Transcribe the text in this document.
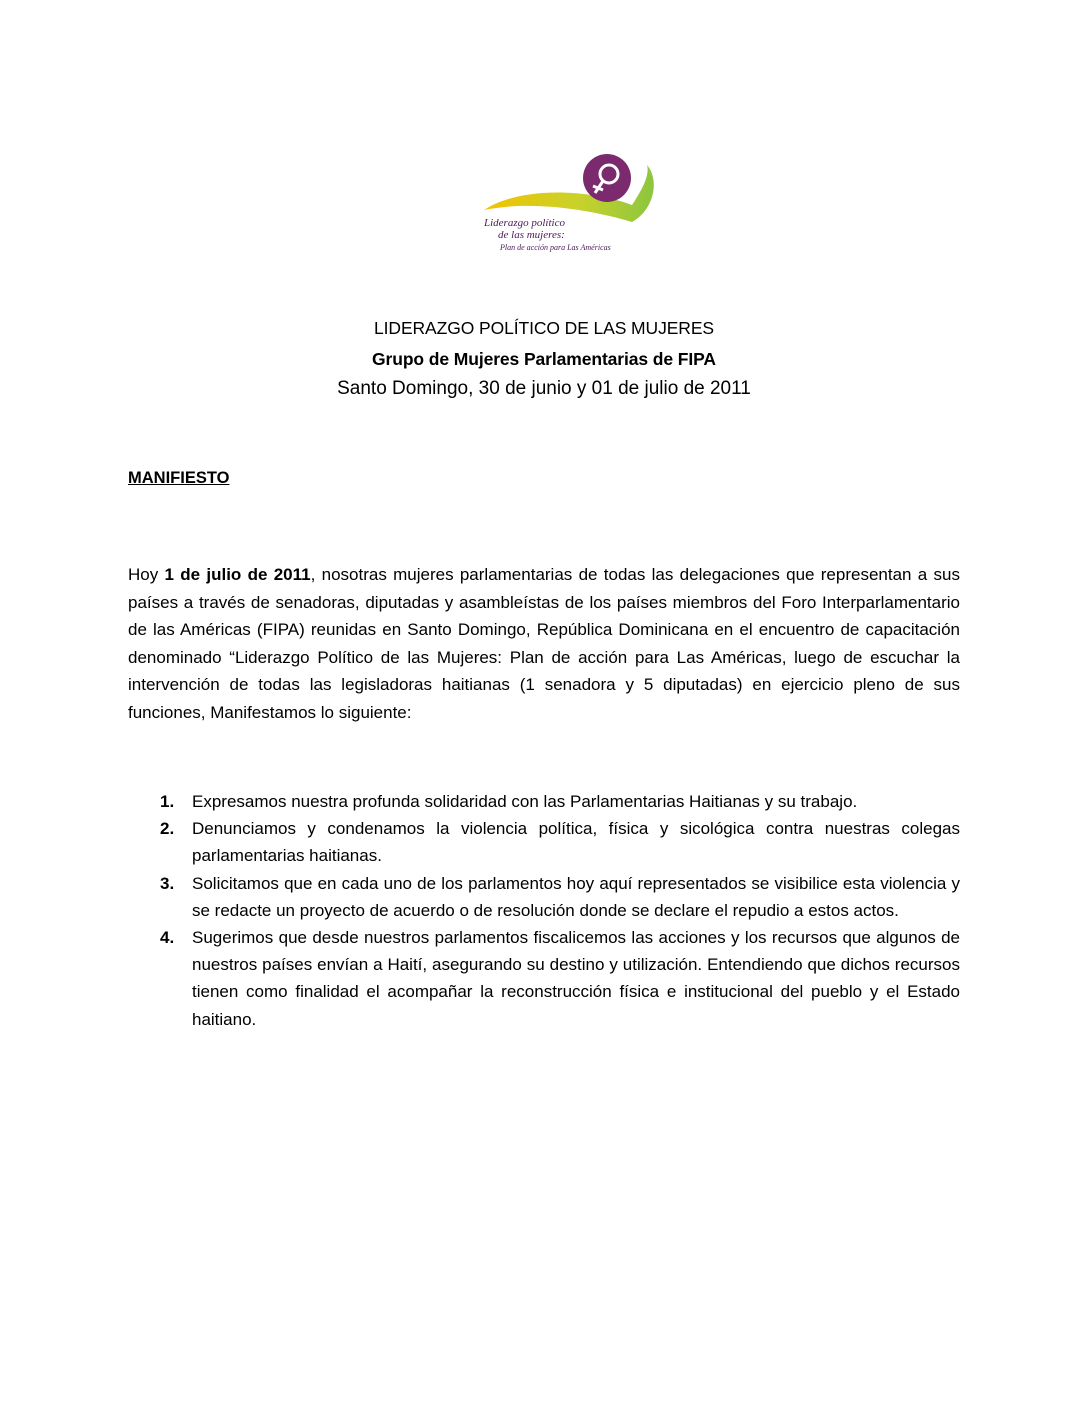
Liderazgo político
de las mujeres:
Plan de acción para Las Américas
LIDERAZGO POLÍTICO DE LAS MUJERES
Grupo de Mujeres Parlamentarias de FIPA
Santo Domingo, 30 de junio y 01 de julio de 2011
MANIFIESTO
Hoy 1 de julio de 2011, nosotras mujeres parlamentarias de todas las delegaciones que representan a sus países a través de senadoras, diputadas y asambleístas de los países miembros del Foro Interparlamentario de las Américas (FIPA) reunidas en Santo Domingo, República Dominicana en el encuentro de capacitación denominado “Liderazgo Político de las Mujeres: Plan de acción para Las Américas, luego de escuchar la intervención de todas las legisladoras haitianas (1 senadora y 5 diputadas) en ejercicio pleno de sus funciones, Manifestamos lo siguiente:
1. Expresamos nuestra profunda solidaridad con las Parlamentarias Haitianas y su trabajo.
2. Denunciamos y condenamos la violencia política, física y sicológica contra nuestras colegas parlamentarias haitianas.
3. Solicitamos que en cada uno de los parlamentos hoy aquí representados se visibilice esta violencia y se redacte un proyecto de acuerdo o de resolución donde se declare el repudio a estos actos.
4. Sugerimos que desde nuestros parlamentos fiscalicemos las acciones y los recursos que algunos de nuestros países envían a Haití, asegurando su destino y utilización. Entendiendo que dichos recursos tienen como finalidad el acompañar la reconstrucción física e institucional del pueblo y el Estado haitiano.
